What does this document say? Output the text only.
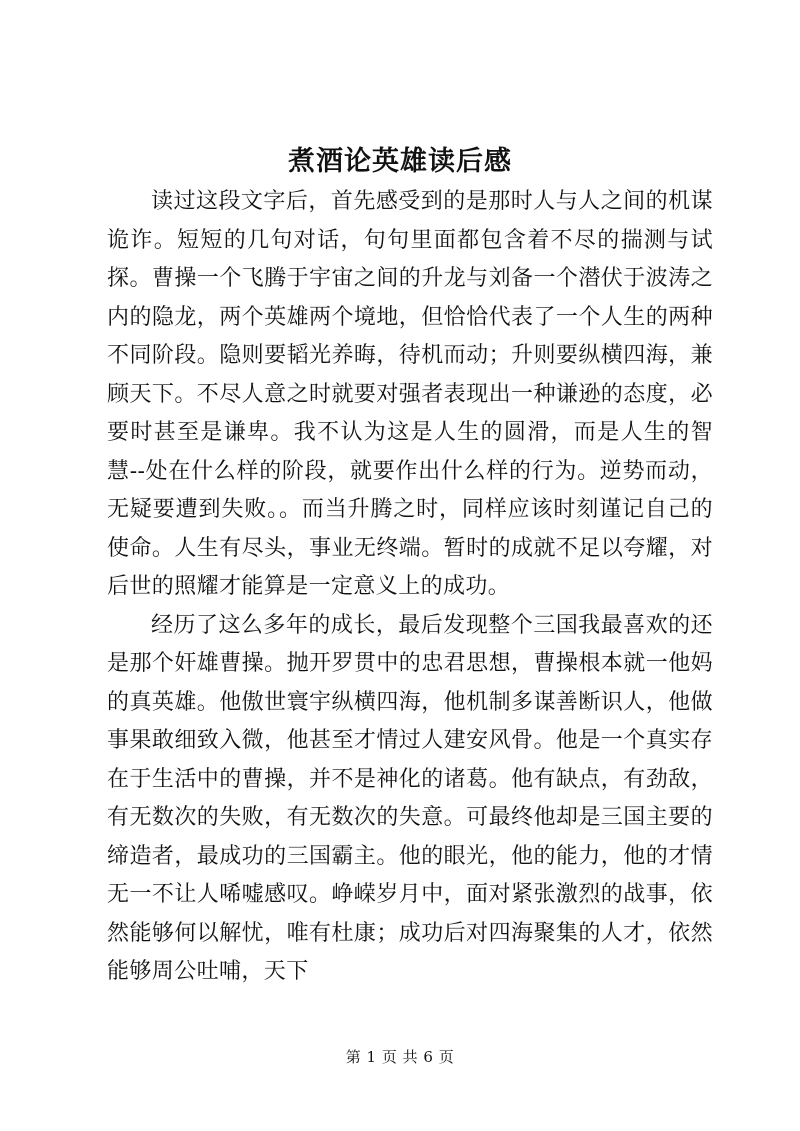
煮酒论英雄读后感

读过这段文字后，首先感受到的是那时人与人之间的机谋诡诈。短短的几句对话，句句里面都包含着不尽的揣测与试探。曹操一个飞腾于宇宙之间的升龙与刘备一个潜伏于波涛之内的隐龙，两个英雄两个境地，但恰恰代表了一个人生的两种不同阶段。隐则要韬光养晦，待机而动；升则要纵横四海，兼顾天下。不尽人意之时就要对强者表现出一种谦逊的态度，必要时甚至是谦卑。我不认为这是人生的圆滑，而是人生的智慧--处在什么样的阶段，就要作出什么样的行为。逆势而动，无疑要遭到失败。。而当升腾之时，同样应该时刻谨记自己的使命。人生有尽头，事业无终端。暂时的成就不足以夸耀，对后世的照耀才能算是一定意义上的成功。

经历了这么多年的成长，最后发现整个三国我最喜欢的还是那个奸雄曹操。抛开罗贯中的忠君思想，曹操根本就一他妈的真英雄。他傲世寰宇纵横四海，他机制多谋善断识人，他做事果敢细致入微，他甚至才情过人建安风骨。他是一个真实存在于生活中的曹操，并不是神化的诸葛。他有缺点，有劲敌，有无数次的失败，有无数次的失意。可最终他却是三国主要的缔造者，最成功的三国霸主。他的眼光，他的能力，他的才情无一不让人唏嘘感叹。峥嵘岁月中，面对紧张激烈的战事，依然能够何以解忧，唯有杜康；成功后对四海聚集的人才，依然能够周公吐哺，天下

第 1 页 共 6 页
